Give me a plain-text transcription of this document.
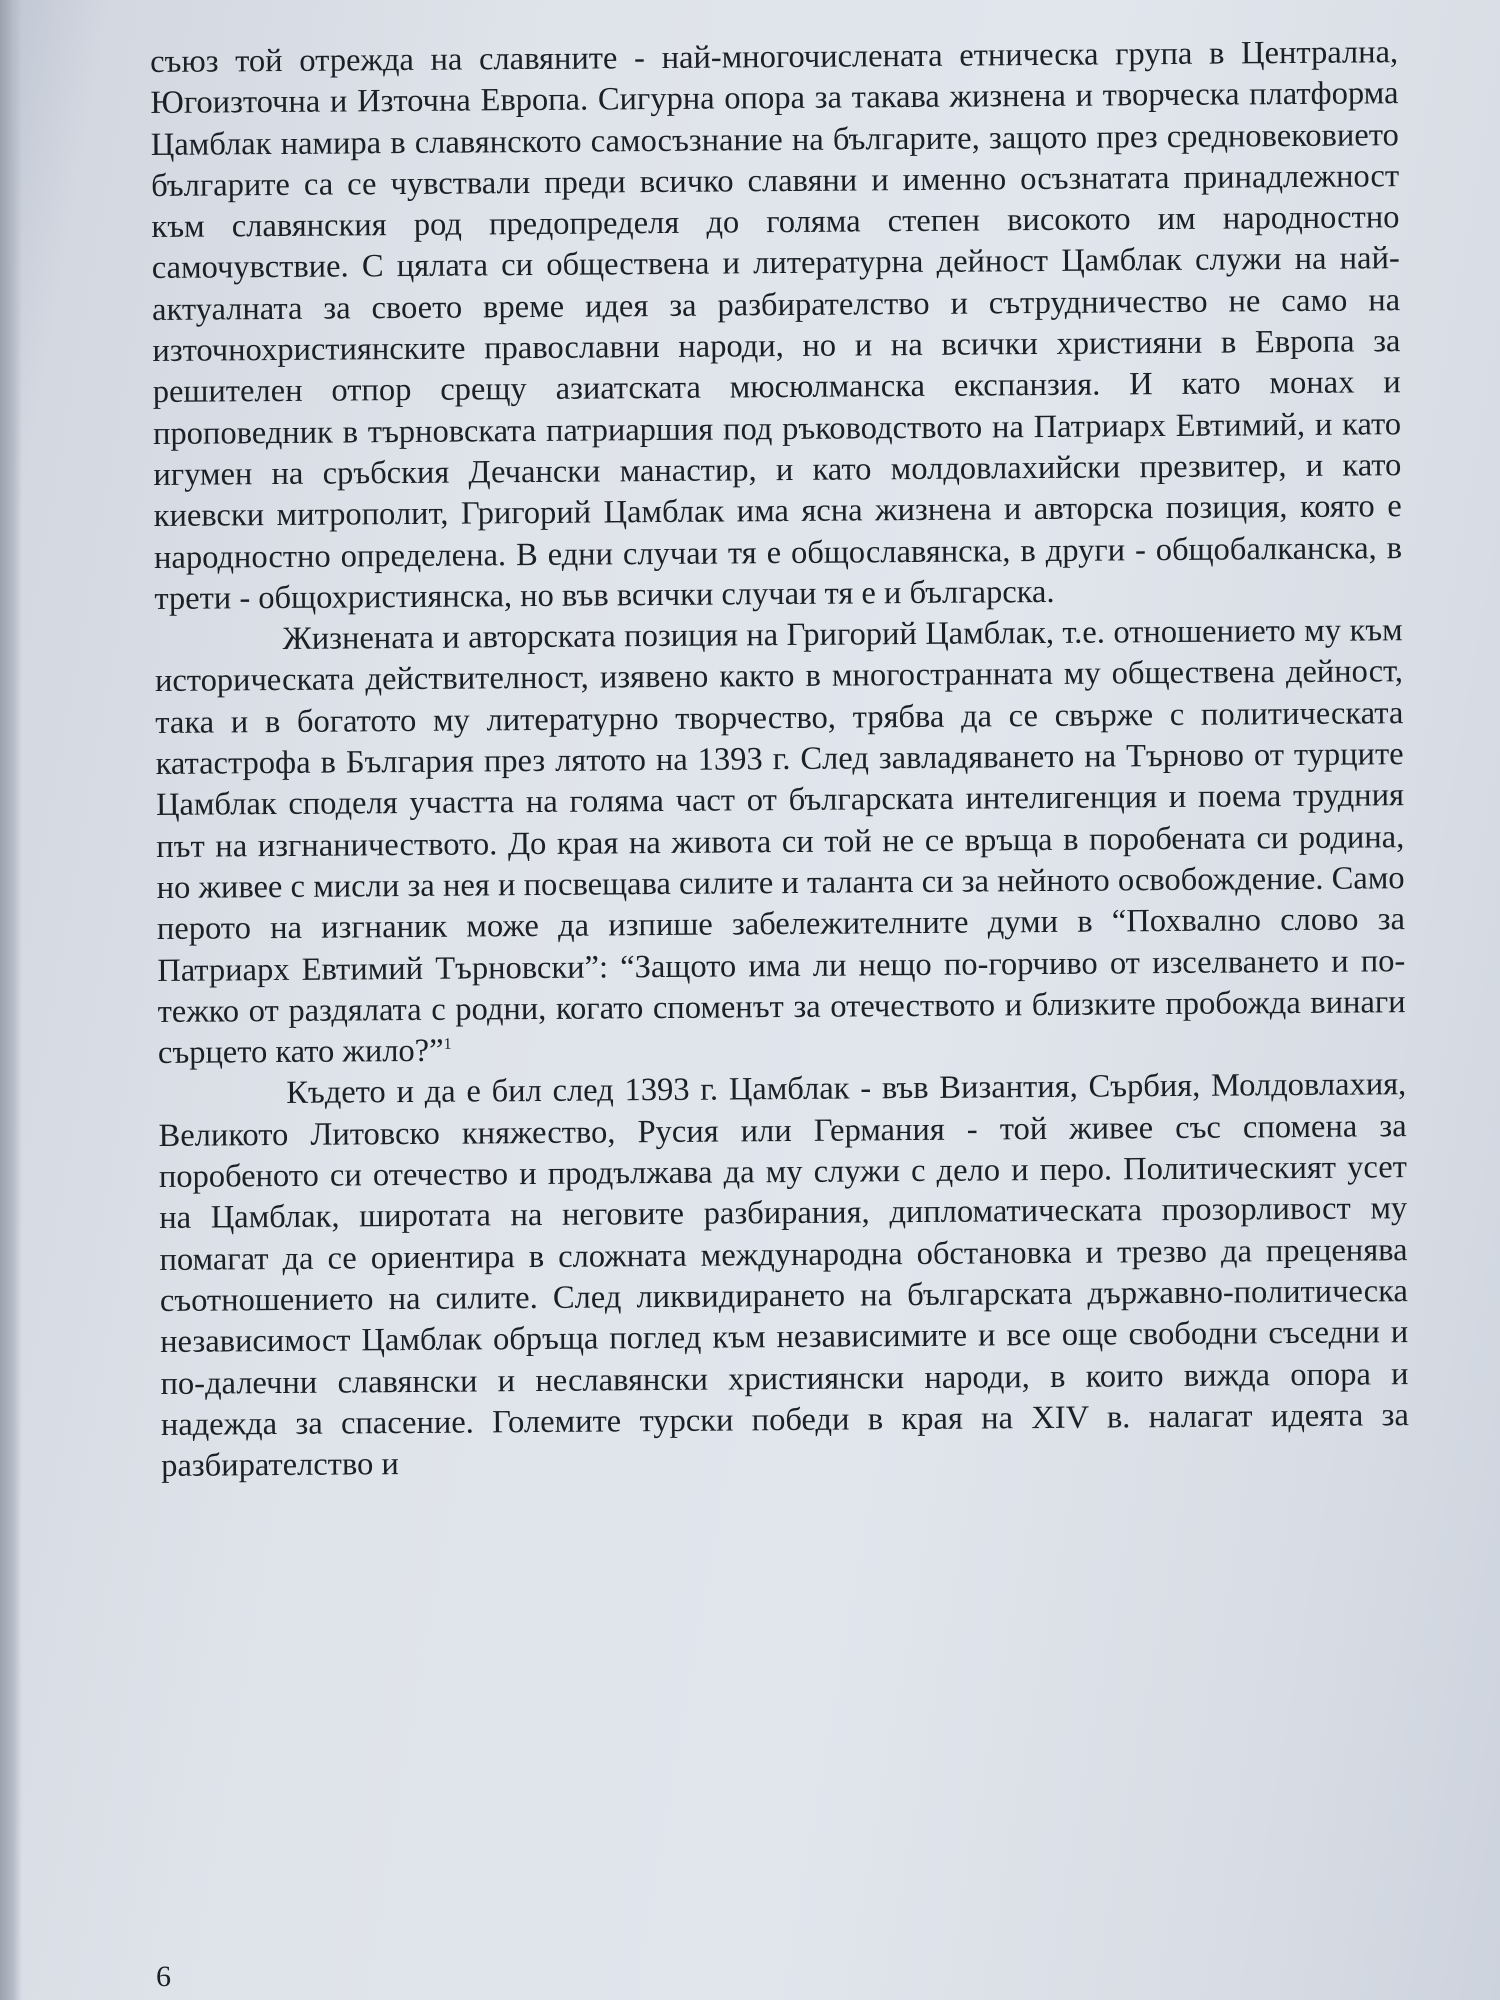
съюз той отрежда на славяните - най-многочислената етническа група в Централна, Югоизточна и Източна Европа. Сигурна опора за такава жизнена и творческа платформа Цамблак намира в славянското самосъзнание на българите, защото през средновековието българите са се чувствали преди всичко славяни и именно осъзнатата принадлежност към славянския род предопределя до голяма степен високото им народностно самочувствие. С цялата си обществена и литературна дейност Цамблак служи на най-актуалната за своето време идея за разбирателство и сътрудничество не само на източнохристиянските православни народи, но и на всички християни в Европа за решителен отпор срещу азиатската мюсюлманска експанзия. И като монах и проповедник в търновската патриаршия под ръководството на Патриарх Евтимий, и като игумен на сръбския Дечански манастир, и като молдовлахийски презвитер, и като киевски митрополит, Григорий Цамблак има ясна жизнена и авторска позиция, която е народностно определена. В едни случаи тя е общославянска, в други - общобалканска, в трети - общохристиянска, но във всички случаи тя е и българска.

Жизнената и авторската позиция на Григорий Цамблак, т.е. отношението му към историческата действителност, изявено както в многостранната му обществена дейност, така и в богатото му литературно творчество, трябва да се свърже с политическата катастрофа в България през лятото на 1393 г. След завладяването на Търново от турците Цамблак споделя участта на голяма част от българската интелигенция и поема трудния път на изгнаничеството. До края на живота си той не се връща в поробената си родина, но живее с мисли за нея и посвещава силите и таланта си за нейното освобождение. Само перото на изгнаник може да изпише забележителните думи в “Похвално слово за Патриарх Евтимий Търновски”: “Защото има ли нещо по-горчиво от изселването и по-тежко от раздялата с родни, когато споменът за отечеството и близките пробожда винаги сърцето като жило?”$^1$

Където и да е бил след 1393 г. Цамблак - във Византия, Сърбия, Молдовлахия, Великото Литовско княжество, Русия или Германия - той живее със спомена за поробеното си отечество и продължава да му служи с дело и перо. Политическият усет на Цамблак, широтата на неговите разбирания, дипломатическата прозорливост му помагат да се ориентира в сложната международна обстановка и трезво да преценява съотношението на силите. След ликвидирането на българската държавно-политическа независимост Цамблак обръща поглед към независимите и все още свободни съседни и по-далечни славянски и неславянски християнски народи, в които вижда опора и надежда за спасение. Големите турски победи в края на XIV в. налагат идеята за разбирателство и

6
